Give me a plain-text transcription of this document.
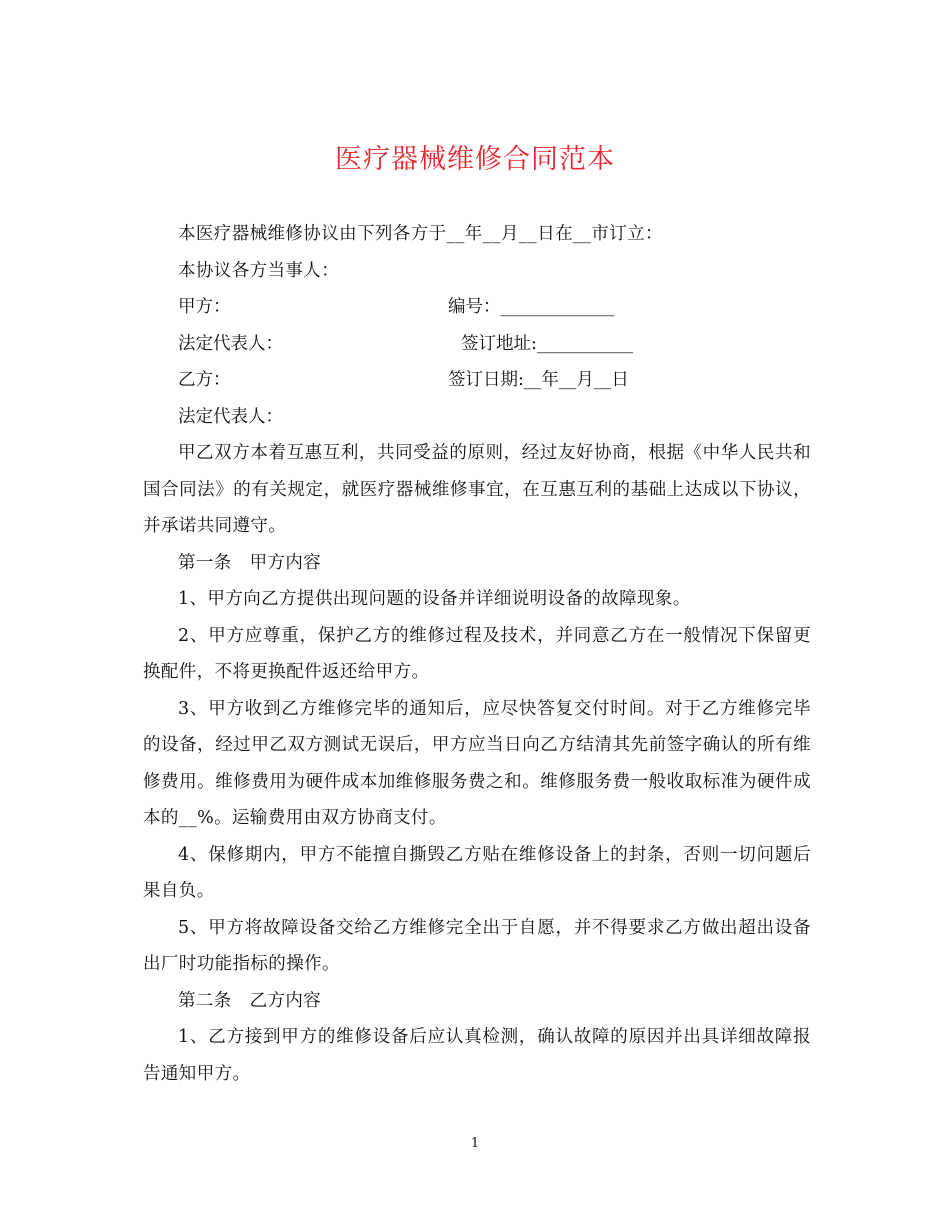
医疗器械维修合同范本

本医疗器械维修协议由下列各方于__年__月__日在__市订立：

本协议各方当事人：

甲方：	编号：_____________
法定代表人：	签订地址:___________
乙方：	签订日期:__年__月__日
法定代表人：

甲乙双方本着互惠互利，共同受益的原则，经过友好协商，根据《中华人民共和国合同法》的有关规定，就医疗器械维修事宜，在互惠互利的基础上达成以下协议，并承诺共同遵守。

第一条　甲方内容

1、甲方向乙方提供出现问题的设备并详细说明设备的故障现象。

2、甲方应尊重，保护乙方的维修过程及技术，并同意乙方在一般情况下保留更换配件，不将更换配件返还给甲方。

3、甲方收到乙方维修完毕的通知后，应尽快答复交付时间。对于乙方维修完毕的设备，经过甲乙双方测试无误后，甲方应当日向乙方结清其先前签字确认的所有维修费用。维修费用为硬件成本加维修服务费之和。维修服务费一般收取标准为硬件成本的__%。运输费用由双方协商支付。

4、保修期内，甲方不能擅自撕毁乙方贴在维修设备上的封条，否则一切问题后果自负。

5、甲方将故障设备交给乙方维修完全出于自愿，并不得要求乙方做出超出设备出厂时功能指标的操作。

第二条　乙方内容

1、乙方接到甲方的维修设备后应认真检测，确认故障的原因并出具详细故障报告通知甲方。

1
